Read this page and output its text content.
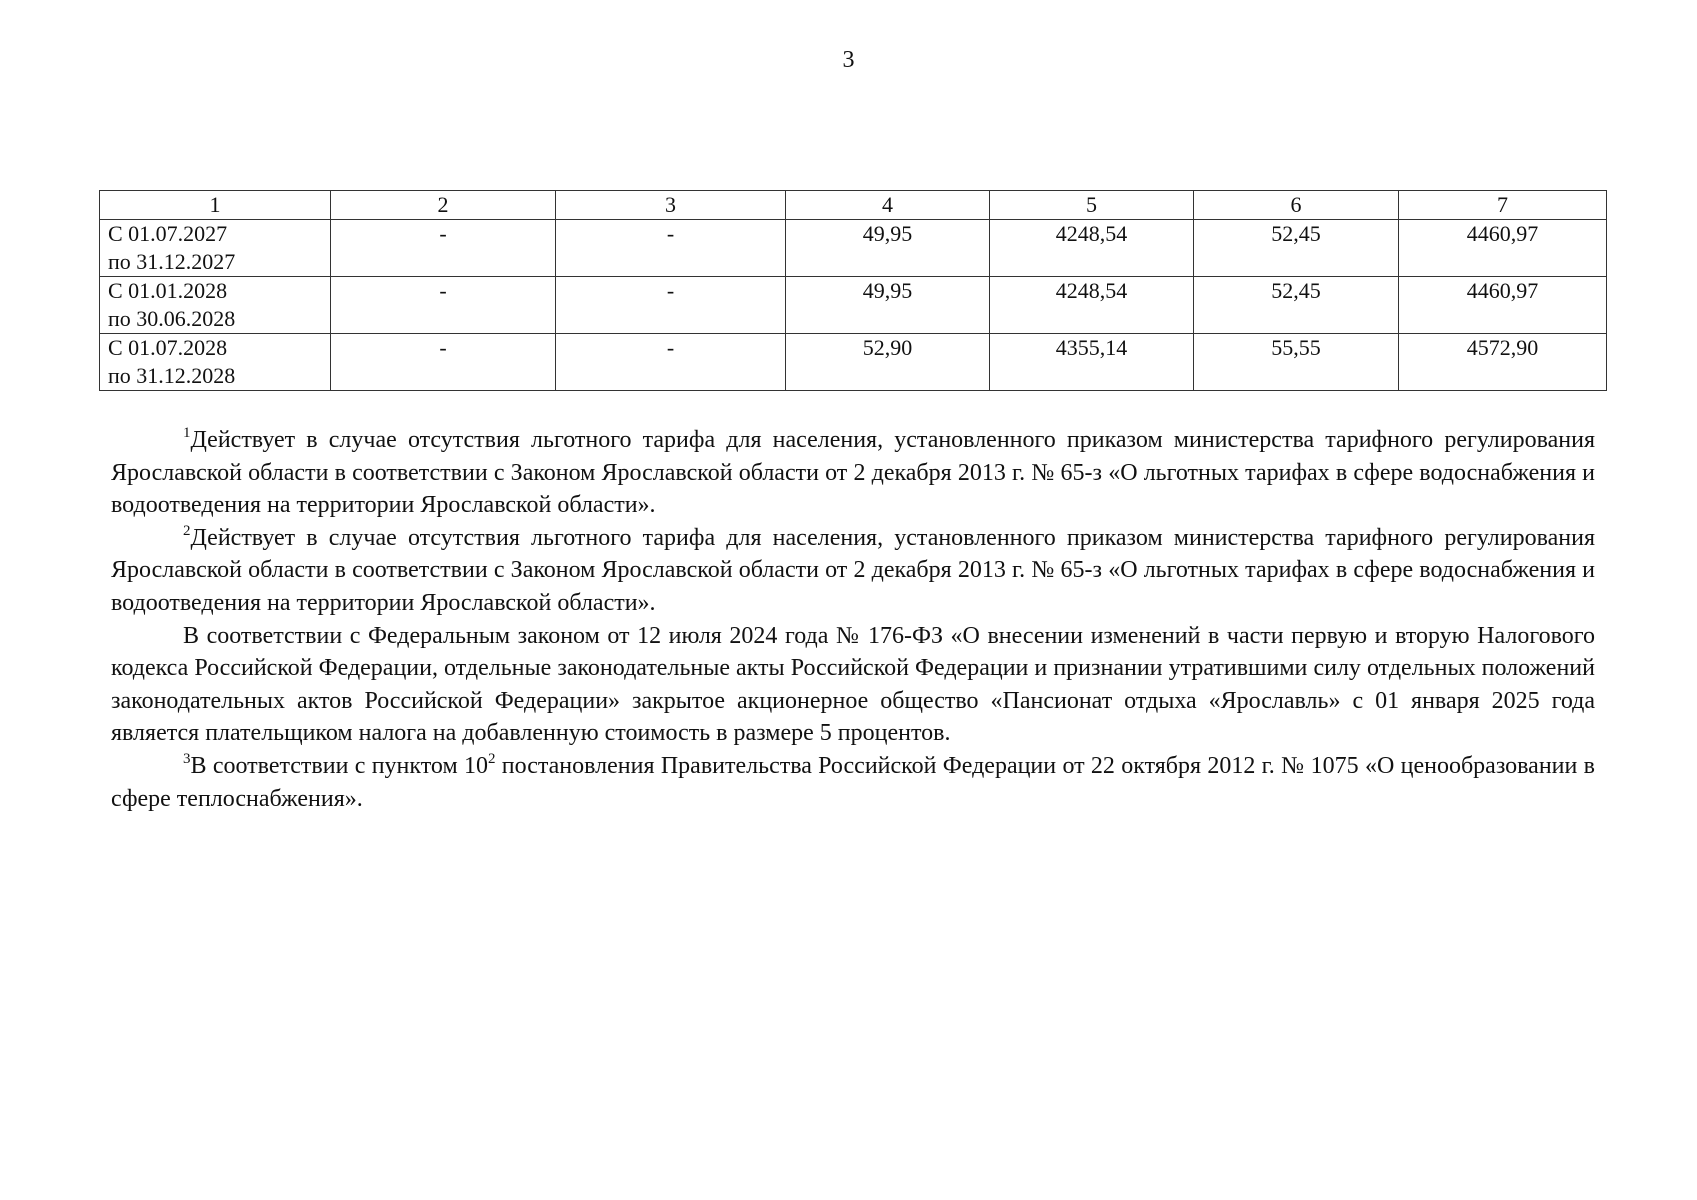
3
1	2	3	4	5	6	7
С 01.07.2027
по 31.12.2027	-	-	49,95	4248,54	52,45	4460,97
С 01.01.2028
по 30.06.2028	-	-	49,95	4248,54	52,45	4460,97
С 01.07.2028
по 31.12.2028	-	-	52,90	4355,14	55,55	4572,90

$^1$Действует в случае отсутствия льготного тарифа для населения, установленного приказом министерства тарифного регулирования Ярославской области в соответствии с Законом Ярославской области от 2 декабря 2013 г. № 65-з «О льготных тарифах в сфере водоснабжения и водоотведения на территории Ярославской области».

$^2$Действует в случае отсутствия льготного тарифа для населения, установленного приказом министерства тарифного регулирования Ярославской области в соответствии с Законом Ярославской области от 2 декабря 2013 г. № 65-з «О льготных тарифах в сфере водоснабжения и водоотведения на территории Ярославской области».

В соответствии с Федеральным законом от 12 июля 2024 года № 176-ФЗ «О внесении изменений в части первую и вторую Налогового кодекса Российской Федерации, отдельные законодательные акты Российской Федерации и признании утратившими силу отдельных положений законодательных актов Российской Федерации» закрытое акционерное общество «Пансионат отдыха «Ярославль» с 01 января 2025 года является плательщиком налога на добавленную стоимость в размере 5 процентов.

$^3$В соответствии с пунктом $10^2$ постановления Правительства Российской Федерации от 22 октября 2012 г. № 1075 «О ценообразовании в сфере теплоснабжения».
